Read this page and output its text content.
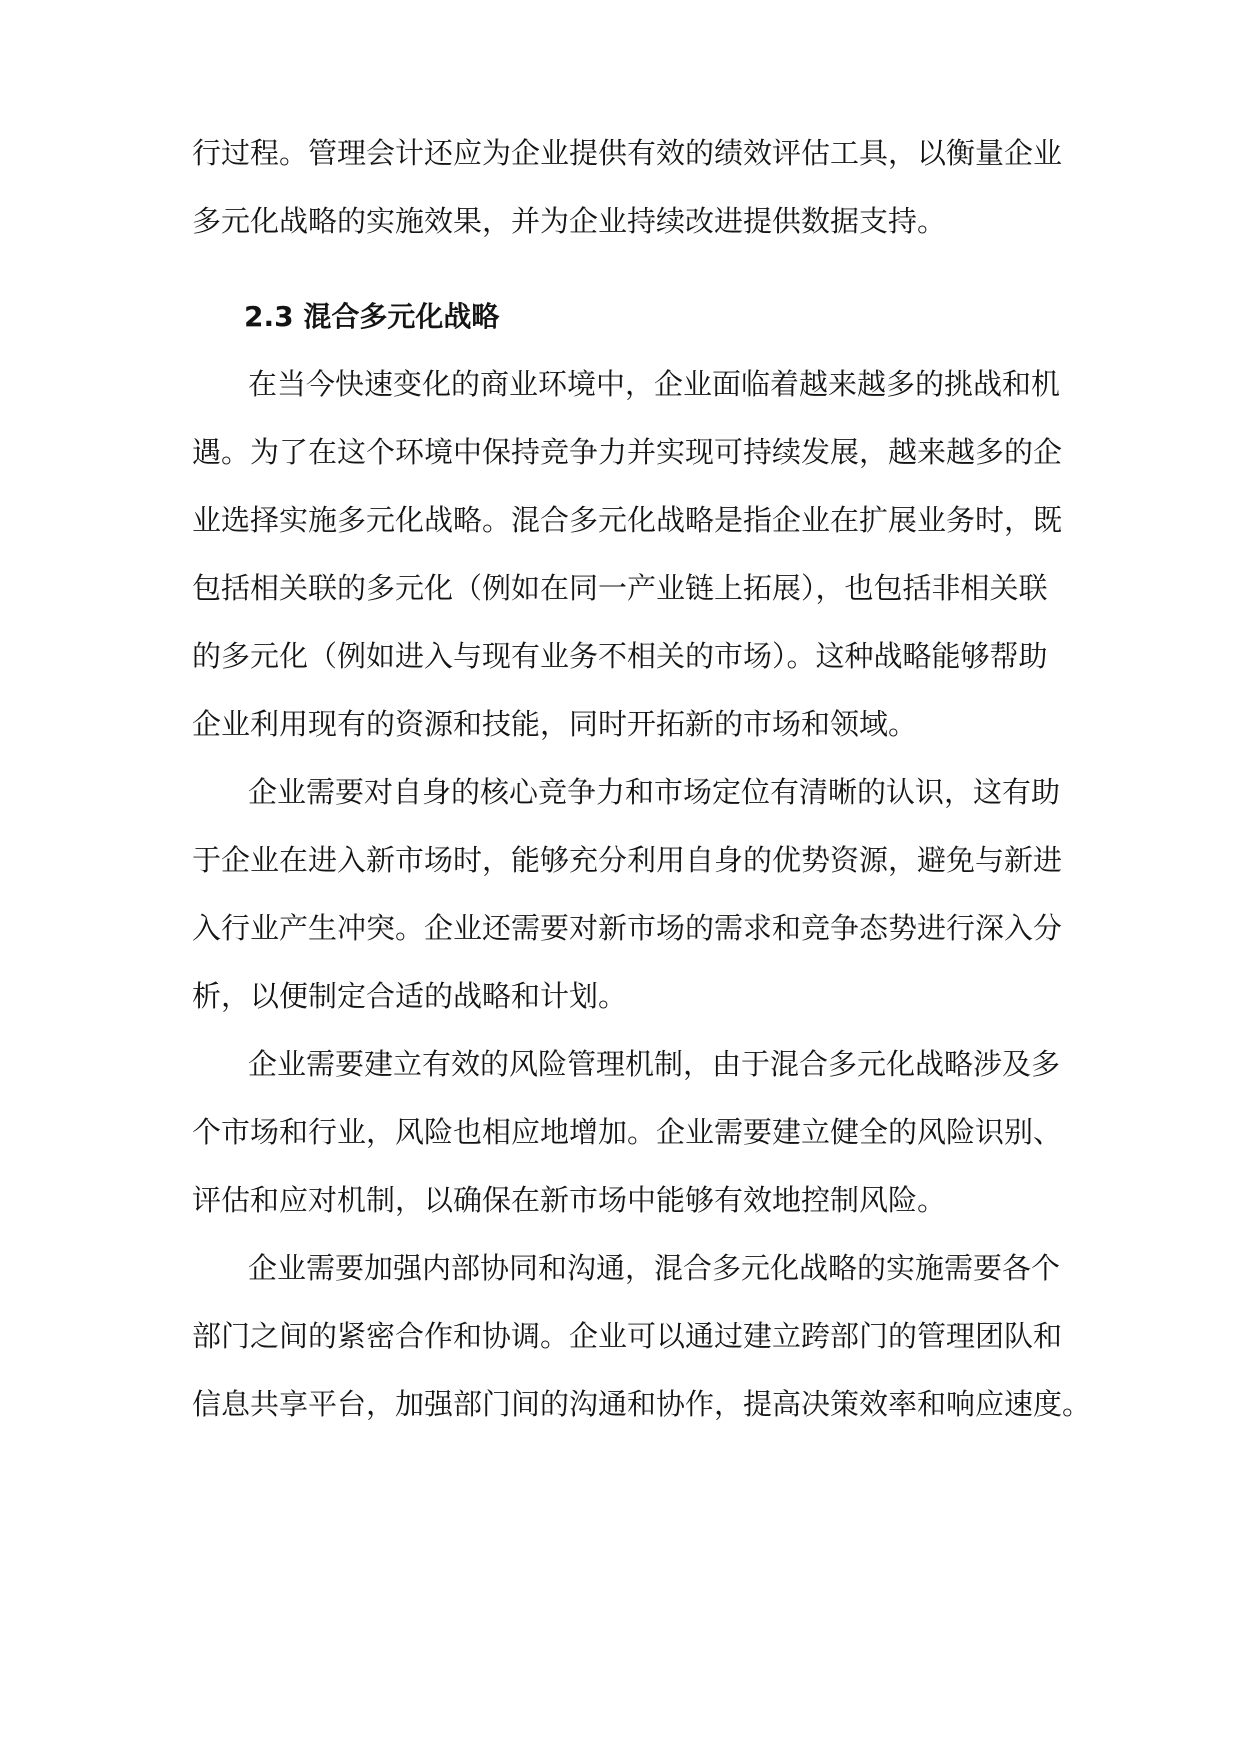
行过程。管理会计还应为企业提供有效的绩效评估工具，以衡量企业
多元化战略的实施效果，并为企业持续改进提供数据支持。
2.3 混合多元化战略
在当今快速变化的商业环境中，企业面临着越来越多的挑战和机
遇。为了在这个环境中保持竞争力并实现可持续发展，越来越多的企
业选择实施多元化战略。混合多元化战略是指企业在扩展业务时，既
包括相关联的多元化（例如在同一产业链上拓展），也包括非相关联
的多元化（例如进入与现有业务不相关的市场）。这种战略能够帮助
企业利用现有的资源和技能，同时开拓新的市场和领域。
企业需要对自身的核心竞争力和市场定位有清晰的认识，这有助
于企业在进入新市场时，能够充分利用自身的优势资源，避免与新进
入行业产生冲突。企业还需要对新市场的需求和竞争态势进行深入分
析，以便制定合适的战略和计划。
企业需要建立有效的风险管理机制，由于混合多元化战略涉及多
个市场和行业，风险也相应地增加。企业需要建立健全的风险识别、
评估和应对机制，以确保在新市场中能够有效地控制风险。
企业需要加强内部协同和沟通，混合多元化战略的实施需要各个
部门之间的紧密合作和协调。企业可以通过建立跨部门的管理团队和
信息共享平台，加强部门间的沟通和协作，提高决策效率和响应速度。
